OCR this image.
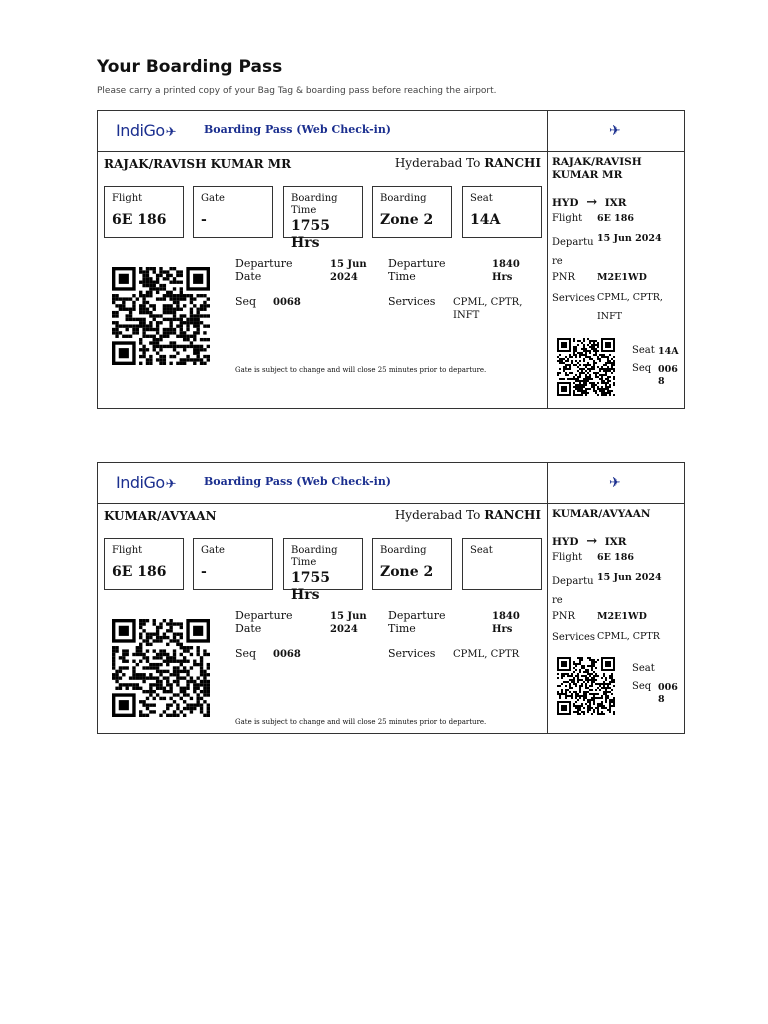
Your Boarding Pass
Please carry a printed copy of your Bag Tag & boarding pass before reaching the airport.
IndiGo✈	Boarding Pass (Web Check-in)
RAJAK/RAVISH KUMAR MR	Hyderabad To RANCHI
Flight
6E 186
Gate
-
Boarding Time
1755 Hrs
Boarding
Zone 2
Seat
14A
Departure Date
15 Jun 2024
Departure Time
1840 Hrs
Seq 0068	Services CPML, CPTR, INFT
Gate is subject to change and will close 25 minutes prior to departure.
✈
RAJAK/RAVISH KUMAR MR
HYD → IXR
Flight 6E 186
Departure
15 Jun 2024
PNR M2E1WD
Services CPML, CPTR, INFT
Seat 14A
Seq 0068
IndiGo✈	Boarding Pass (Web Check-in)
KUMAR/AVYAAN	Hyderabad To RANCHI
Flight
6E 186
Gate
-
Boarding Time
1755 Hrs
Boarding
Zone 2
Seat
Departure Date
15 Jun 2024
Departure Time
1840 Hrs
Seq 0068	Services CPML, CPTR
Gate is subject to change and will close 25 minutes prior to departure.
✈
KUMAR/AVYAAN
HYD → IXR
Flight 6E 186
Departure
15 Jun 2024
PNR M2E1WD
Services CPML, CPTR
Seat
Seq 0068
